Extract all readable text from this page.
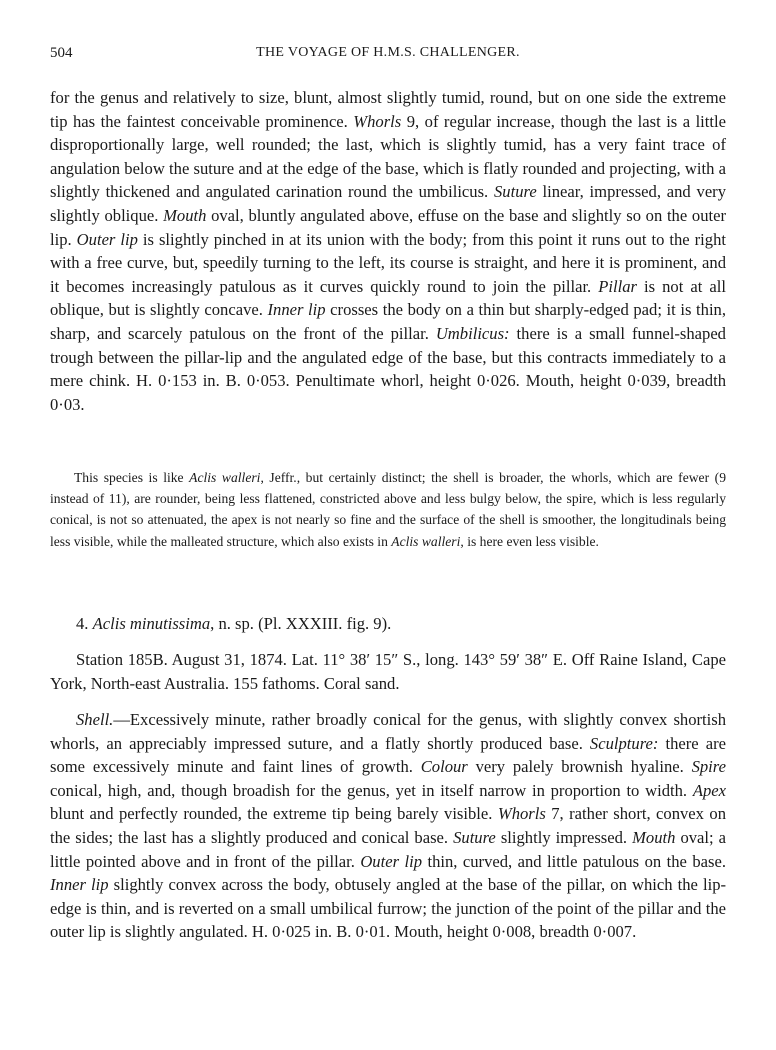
504	THE VOYAGE OF H.M.S. CHALLENGER.

for the genus and relatively to size, blunt, almost slightly tumid, round, but on one side the extreme tip has the faintest conceivable prominence. Whorls 9, of regular increase, though the last is a little disproportionally large, well rounded; the last, which is slightly tumid, has a very faint trace of angulation below the suture and at the edge of the base, which is flatly rounded and projecting, with a slightly thickened and angulated carination round the umbilicus. Suture linear, impressed, and very slightly oblique. Mouth oval, bluntly angulated above, effuse on the base and slightly so on the outer lip. Outer lip is slightly pinched in at its union with the body; from this point it runs out to the right with a free curve, but, speedily turning to the left, its course is straight, and here it is prominent, and it becomes increasingly patulous as it curves quickly round to join the pillar. Pillar is not at all oblique, but is slightly concave. Inner lip crosses the body on a thin but sharply-edged pad; it is thin, sharp, and scarcely patulous on the front of the pillar. Umbilicus: there is a small funnel-shaped trough between the pillar-lip and the angulated edge of the base, but this contracts immediately to a mere chink. H. 0·153 in. B. 0·053. Penultimate whorl, height 0·026. Mouth, height 0·039, breadth 0·03.

This species is like Aclis walleri, Jeffr., but certainly distinct; the shell is broader, the whorls, which are fewer (9 instead of 11), are rounder, being less flattened, constricted above and less bulgy below, the spire, which is less regularly conical, is not so attenuated, the apex is not nearly so fine and the surface of the shell is smoother, the longitudinals being less visible, while the malleated structure, which also exists in Aclis walleri, is here even less visible.

4. Aclis minutissima, n. sp. (Pl. XXXIII. fig. 9).

Station 185B. August 31, 1874. Lat. 11° 38′ 15″ S., long. 143° 59′ 38″ E. Off Raine Island, Cape York, North-east Australia. 155 fathoms. Coral sand.

Shell.—Excessively minute, rather broadly conical for the genus, with slightly convex shortish whorls, an appreciably impressed suture, and a flatly shortly produced base. Sculpture: there are some excessively minute and faint lines of growth. Colour very palely brownish hyaline. Spire conical, high, and, though broadish for the genus, yet in itself narrow in proportion to width. Apex blunt and perfectly rounded, the extreme tip being barely visible. Whorls 7, rather short, convex on the sides; the last has a slightly produced and conical base. Suture slightly impressed. Mouth oval; a little pointed above and in front of the pillar. Outer lip thin, curved, and little patulous on the base. Inner lip slightly convex across the body, obtusely angled at the base of the pillar, on which the lip-edge is thin, and is reverted on a small umbilical furrow; the junction of the point of the pillar and the outer lip is slightly angulated. H. 0·025 in. B. 0·01. Mouth, height 0·008, breadth 0·007.
